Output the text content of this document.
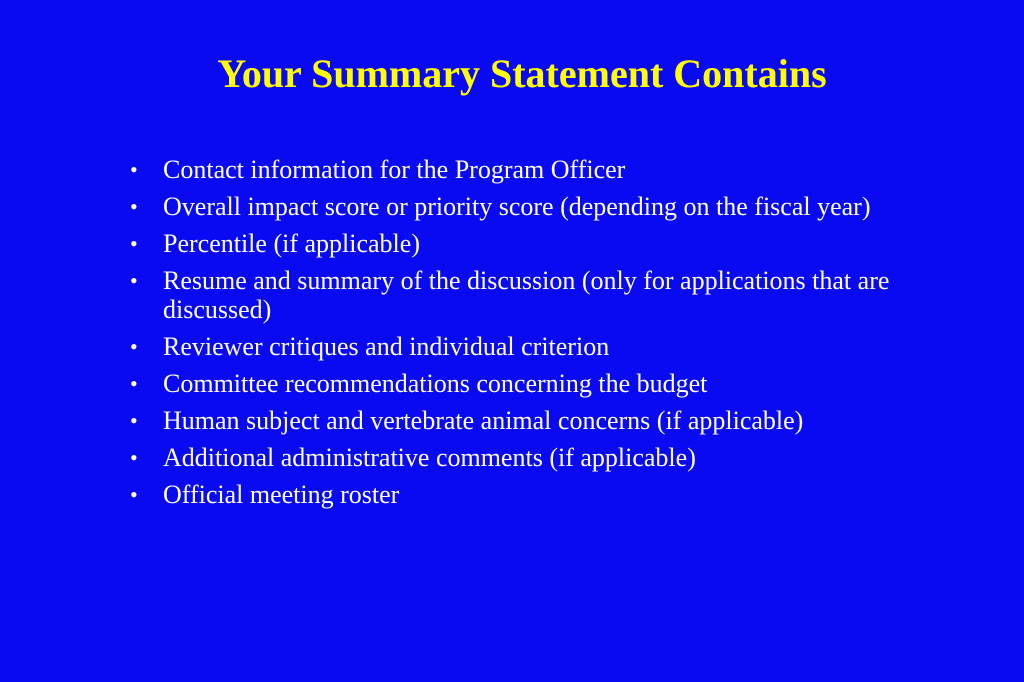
Your Summary Statement Contains
• Contact information for the Program Officer
• Overall impact score or priority score (depending on the fiscal year)
• Percentile (if applicable)
• Resume and summary of the discussion (only for applications that are discussed)
• Reviewer critiques and individual criterion
• Committee recommendations concerning the budget
• Human subject and vertebrate animal concerns (if applicable)
• Additional administrative comments (if applicable)
• Official meeting roster
